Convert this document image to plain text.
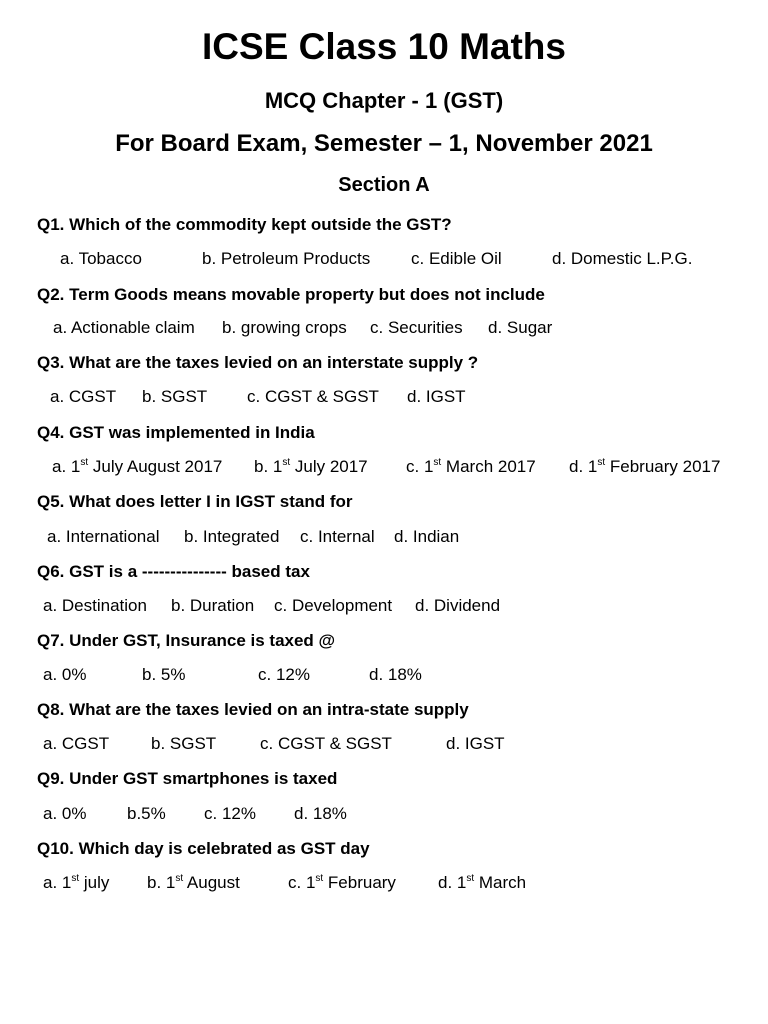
ICSE Class 10 Maths
MCQ Chapter - 1 (GST)
For Board Exam, Semester – 1, November 2021
Section A
Q1. Which of the commodity kept outside the GST?
a. Tobacco	b. Petroleum Products c. Edible Oil	d. Domestic L.P.G.
Q2. Term Goods means movable property but does not include
a. Actionable claim b. growing crops c. Securities d. Sugar
Q3. What are the taxes levied on an interstate supply ?
a. CGST b. SGST c. CGST & SGST d. IGST
Q4. GST was implemented in India
a. 1st July August 2017 b. 1st July 2017 c. 1st March 2017 d. 1st February 2017
Q5. What does letter I in IGST stand for
a. International b. Integrated c. Internal d. Indian
Q6. GST is a --------------- based tax
a. Destination b. Duration c. Development d. Dividend
Q7. Under GST, Insurance is taxed @
a. 0%	b. 5%	c. 12%	d. 18%
Q8. What are the taxes levied on an intra-state supply
a. CGST b. SGST	c. CGST & SGST	d. IGST
Q9. Under GST smartphones is taxed
a. 0% b.5% c. 12% d. 18%
Q10. Which day is celebrated as GST day
a. 1st july b. 1st August	c. 1st February d. 1st March
